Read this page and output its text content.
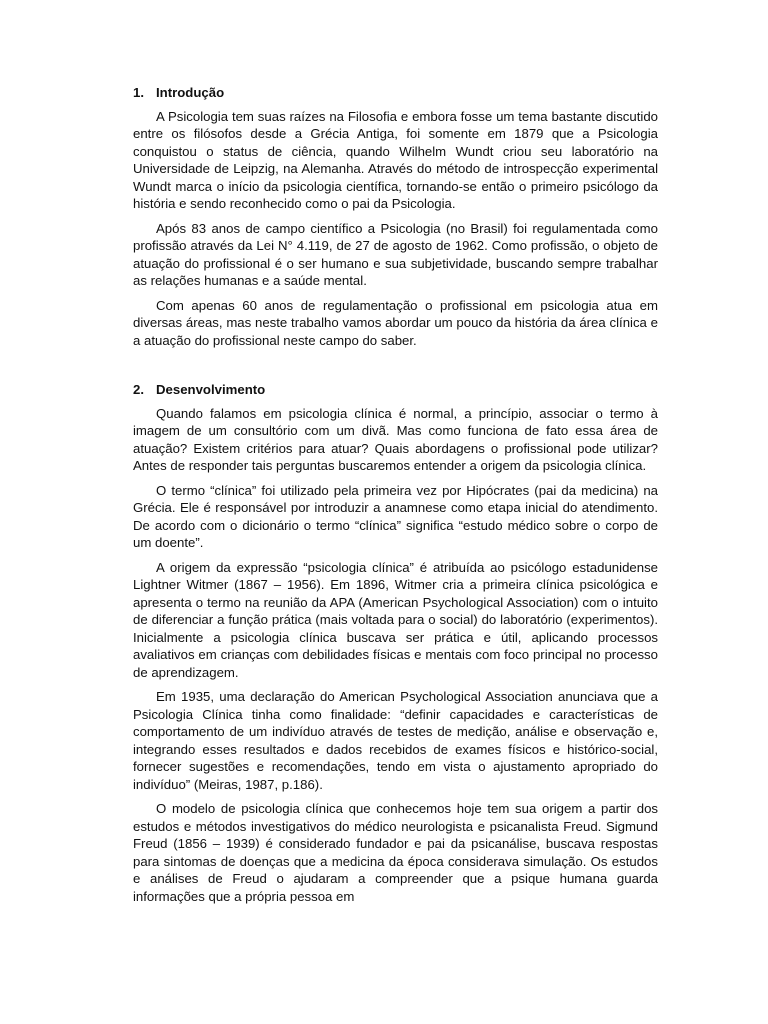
1. Introdução

A Psicologia tem suas raízes na Filosofia e embora fosse um tema bastante discutido entre os filósofos desde a Grécia Antiga, foi somente em 1879 que a Psicologia conquistou o status de ciência, quando Wilhelm Wundt criou seu laboratório na Universidade de Leipzig, na Alemanha. Através do método de introspecção experimental Wundt marca o início da psicologia científica, tornando-se então o primeiro psicólogo da história e sendo reconhecido como o pai da Psicologia.

Após 83 anos de campo científico a Psicologia (no Brasil) foi regulamentada como profissão através da Lei N° 4.119, de 27 de agosto de 1962. Como profissão, o objeto de atuação do profissional é o ser humano e sua subjetividade, buscando sempre trabalhar as relações humanas e a saúde mental.

Com apenas 60 anos de regulamentação o profissional em psicologia atua em diversas áreas, mas neste trabalho vamos abordar um pouco da história da área clínica e a atuação do profissional neste campo do saber.

2. Desenvolvimento

Quando falamos em psicologia clínica é normal, a princípio, associar o termo à imagem de um consultório com um divã. Mas como funciona de fato essa área de atuação? Existem critérios para atuar? Quais abordagens o profissional pode utilizar? Antes de responder tais perguntas buscaremos entender a origem da psicologia clínica.

O termo “clínica” foi utilizado pela primeira vez por Hipócrates (pai da medicina) na Grécia. Ele é responsável por introduzir a anamnese como etapa inicial do atendimento. De acordo com o dicionário o termo “clínica” significa “estudo médico sobre o corpo de um doente”.

A origem da expressão “psicologia clínica” é atribuída ao psicólogo estadunidense Lightner Witmer (1867 – 1956). Em 1896, Witmer cria a primeira clínica psicológica e apresenta o termo na reunião da APA (American Psychological Association) com o intuito de diferenciar a função prática (mais voltada para o social) do laboratório (experimentos). Inicialmente a psicologia clínica buscava ser prática e útil, aplicando processos avaliativos em crianças com debilidades físicas e mentais com foco principal no processo de aprendizagem.

Em 1935, uma declaração do American Psychological Association anunciava que a Psicologia Clínica tinha como finalidade: “definir capacidades e características de comportamento de um indivíduo através de testes de medição, análise e observação e, integrando esses resultados e dados recebidos de exames físicos e histórico-social, fornecer sugestões e recomendações, tendo em vista o ajustamento apropriado do indivíduo” (Meiras, 1987, p.186).

O modelo de psicologia clínica que conhecemos hoje tem sua origem a partir dos estudos e métodos investigativos do médico neurologista e psicanalista Freud. Sigmund Freud (1856 – 1939) é considerado fundador e pai da psicanálise, buscava respostas para sintomas de doenças que a medicina da época considerava simulação. Os estudos e análises de Freud o ajudaram a compreender que a psique humana guarda informações que a própria pessoa em
